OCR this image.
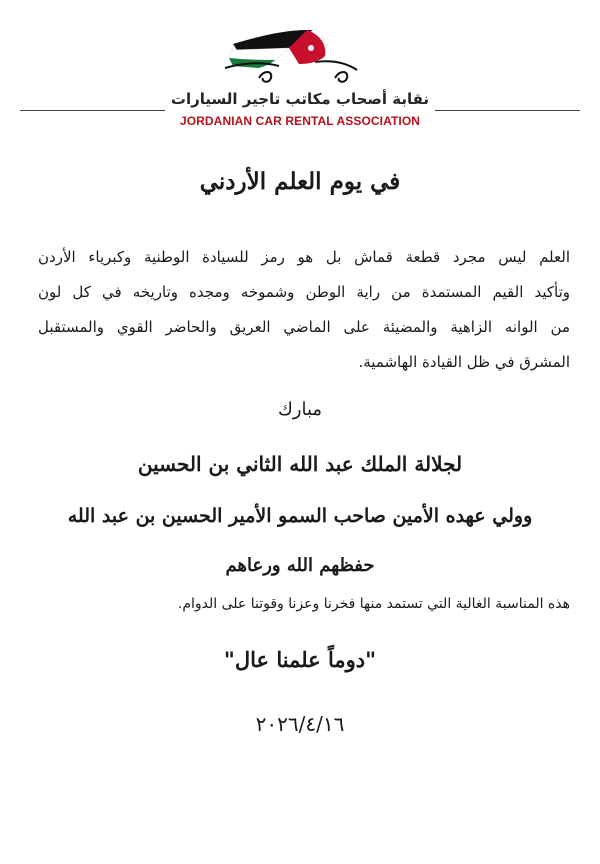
نقابة أصحاب مكاتب تاجير السيارات
JORDANIAN CAR RENTAL ASSOCIATION
في يوم العلم الأردني
العلم ليس مجرد قطعة قماش بل هو رمز للسيادة الوطنية وكبرياء الأردن
وتأكيد القيم المستمدة من راية الوطن وشموخه ومجده وتاريخه في كل لون
من الوانه الزاهية والمضيئة على الماضي العريق والحاضر القوي والمستقبل
المشرق في ظل القيادة الهاشمية.
مبارك
لجلالة الملك عبد الله الثاني بن الحسين
وولي عهده الأمين صاحب السمو الأمير الحسين بن عبد الله
حفظهم الله ورعاهم
هذه المناسبة الغالية التي تستمد منها فخرنا وعزنا وقوتنا على الدوام.
"دوماً علمنا عال"
٢٠٢٦/٤/١٦
